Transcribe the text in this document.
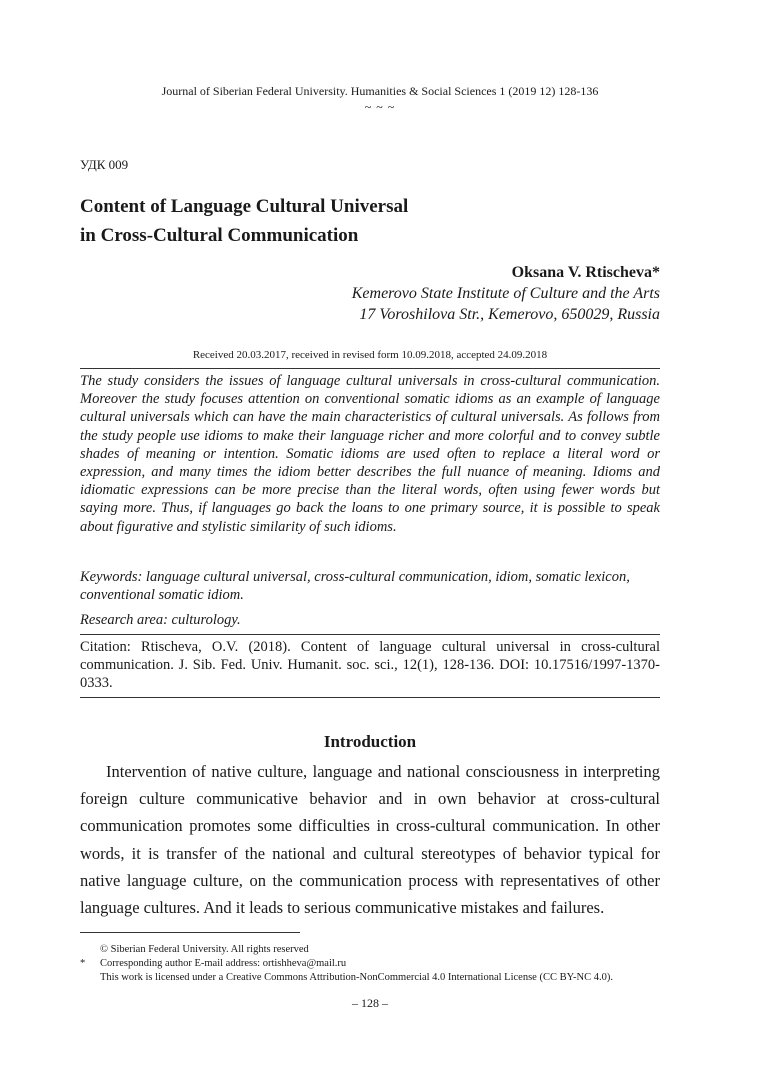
Journal of Siberian Federal University. Humanities & Social Sciences 1 (2019 12) 128-136
~ ~ ~
УДК 009
Content of Language Cultural Universal
in Cross-Cultural Communication
Oksana V. Rtischeva*
Kemerovo State Institute of Culture and the Arts
17 Voroshilova Str., Kemerovo, 650029, Russia
Received 20.03.2017, received in revised form 10.09.2018, accepted 24.09.2018
The study considers the issues of language cultural universals in cross-cultural communication. Moreover the study focuses attention on conventional somatic idioms as an example of language cultural universals which can have the main characteristics of cultural universals. As follows from the study people use idioms to make their language richer and more colorful and to convey subtle shades of meaning or intention. Somatic idioms are used often to replace a literal word or expression, and many times the idiom better describes the full nuance of meaning. Idioms and idiomatic expressions can be more precise than the literal words, often using fewer words but saying more. Thus, if languages go back the loans to one primary source, it is possible to speak about figurative and stylistic similarity of such idioms.
Keywords: language cultural universal, cross-cultural communication, idiom, somatic lexicon, conventional somatic idiom.
Research area: culturology.
Citation: Rtischeva, O.V. (2018). Content of language cultural universal in cross-cultural communication. J. Sib. Fed. Univ. Humanit. soc. sci., 12(1), 128-136. DOI: 10.17516/1997-1370-0333.
Introduction
Intervention of native culture, language and national consciousness in interpreting foreign culture communicative behavior and in own behavior at cross-cultural communication promotes some difficulties in cross-cultural communication. In other words, it is transfer of the national and cultural stereotypes of behavior typical for native language culture, on the communication process with representatives of other language cultures. And it leads to serious communicative mistakes and failures.
© Siberian Federal University. All rights reserved
* Corresponding author E-mail address: ortishheva@mail.ru
This work is licensed under a Creative Commons Attribution-NonCommercial 4.0 International License (CC BY-NC 4.0).
– 128 –
